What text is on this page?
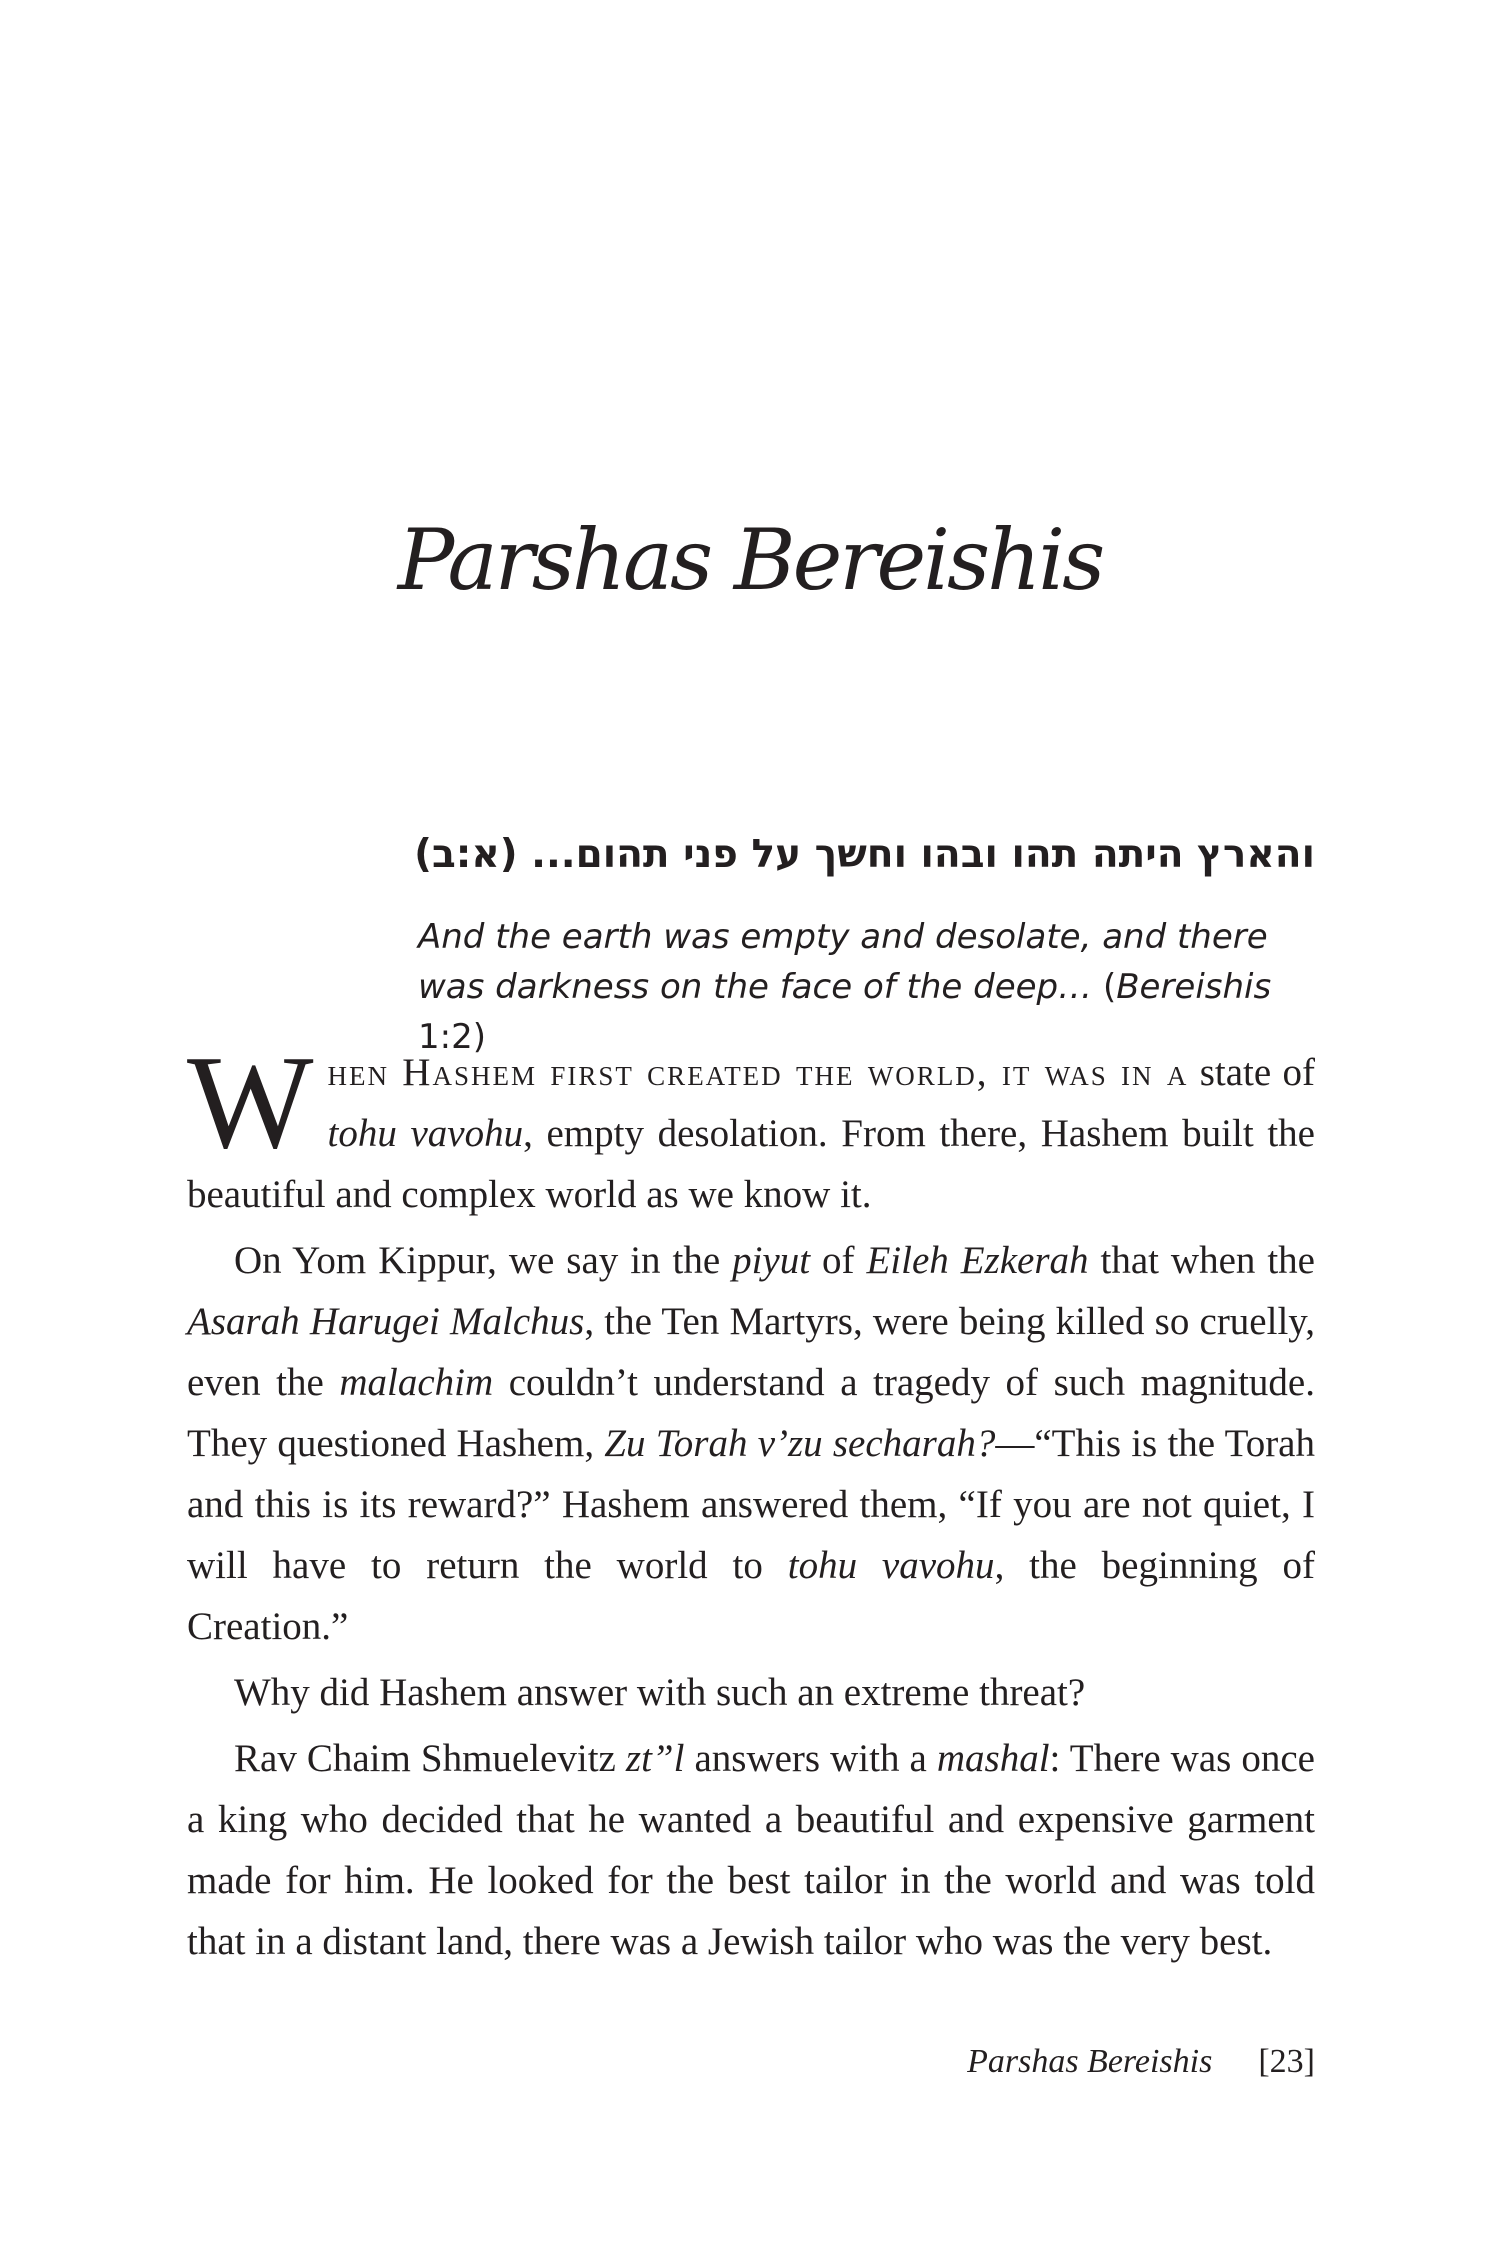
Parshas Bereishis
והארץ היתה תהו ובהו וחשך על פני תהום... (א:ב)

And the earth was empty and desolate, and there was darkness on the face of the deep… (Bereishis 1:2)

When Hashem first created the world, it was in a state of tohu vavohu, empty desolation. From there, Hashem built the beautiful and complex world as we know it.

On Yom Kippur, we say in the piyut of Eileh Ezkerah that when the Asarah Harugei Malchus, the Ten Martyrs, were being killed so cruelly, even the malachim couldn’t understand a tragedy of such magnitude. They questioned Hashem, Zu Torah v’zu secharah?—“This is the Torah and this is its reward?” Hashem answered them, “If you are not quiet, I will have to return the world to tohu vavohu, the beginning of Creation.”

Why did Hashem answer with such an extreme threat?

Rav Chaim Shmuelevitz zt”l answers with a mashal: There was once a king who decided that he wanted a beautiful and expensive garment made for him. He looked for the best tailor in the world and was told that in a distant land, there was a Jewish tailor who was the very best.

Parshas Bereishis [23]
